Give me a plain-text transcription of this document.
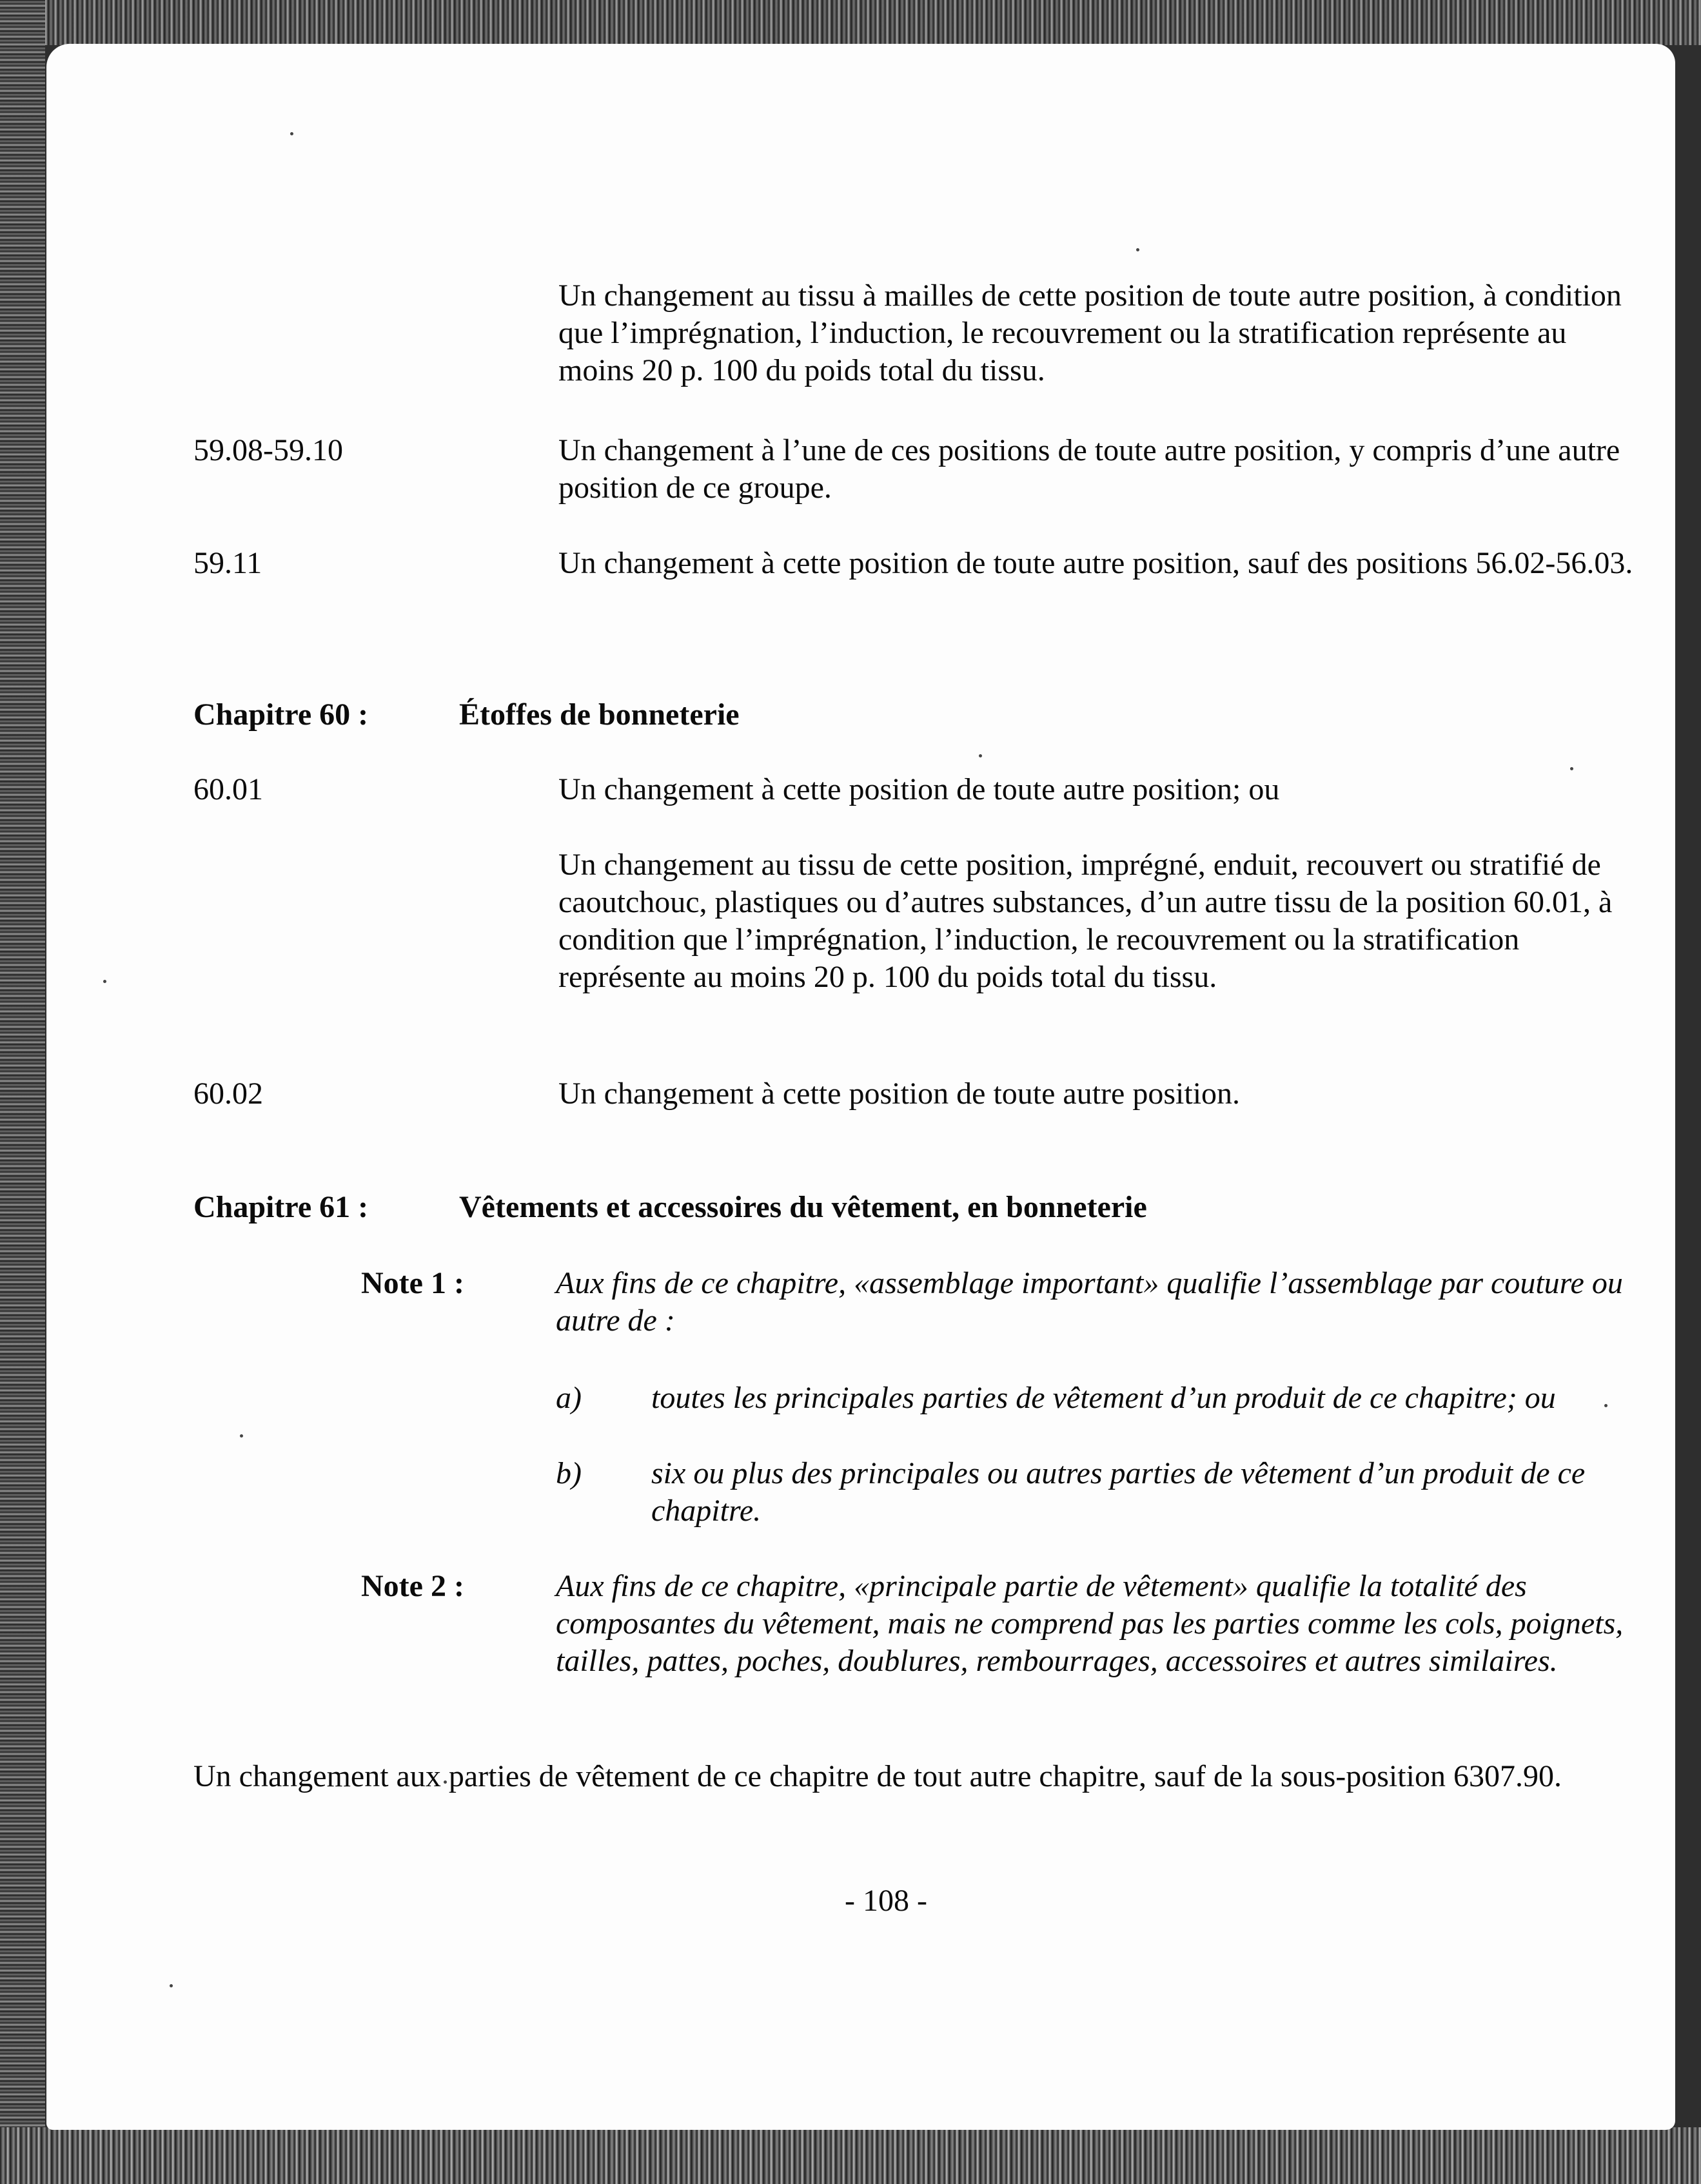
Un changement au tissu à mailles de cette position de toute autre position, à condition que l’imprégnation, l’induction, le recouvrement ou la stratification représente au moins 20 p. 100 du poids total du tissu.
59.08-59.10	Un changement à l’une de ces positions de toute autre position, y compris d’une autre position de ce groupe.
59.11	Un changement à cette position de toute autre position, sauf des positions 56.02-56.03.
Chapitre 60 :	Étoffes de bonneterie
60.01	Un changement à cette position de toute autre position; ou
Un changement au tissu de cette position, imprégné, enduit, recouvert ou stratifié de caoutchouc, plastiques ou d’autres substances, d’un autre tissu de la position 60.01, à condition que l’imprégnation, l’induction, le recouvrement ou la stratification représente au moins 20 p. 100 du poids total du tissu.
60.02	Un changement à cette position de toute autre position.
Chapitre 61 :	Vêtements et accessoires du vêtement, en bonneterie
Note 1 :	Aux fins de ce chapitre, «assemblage important» qualifie l’assemblage par couture ou autre de :
a) toutes les principales parties de vêtement d’un produit de ce chapitre; ou
b) six ou plus des principales ou autres parties de vêtement d’un produit de ce chapitre.
Note 2 :	Aux fins de ce chapitre, «principale partie de vêtement» qualifie la totalité des composantes du vêtement, mais ne comprend pas les parties comme les cols, poignets, tailles, pattes, poches, doublures, rembourrages, accessoires et autres similaires.
Un changement aux parties de vêtement de ce chapitre de tout autre chapitre, sauf de la sous-position 6307.90.
- 108 -
